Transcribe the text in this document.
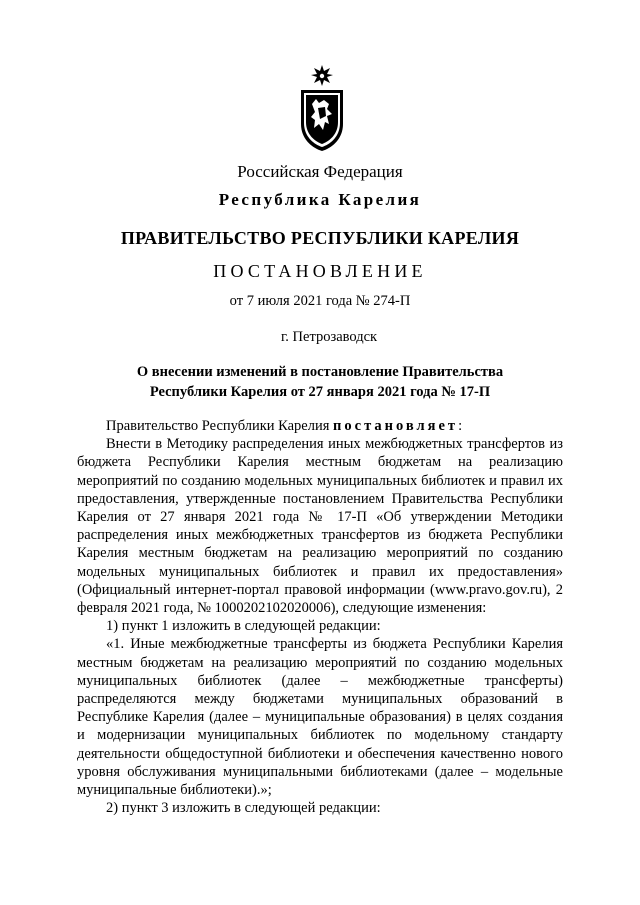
Российская Федерация
Республика Карелия
ПРАВИТЕЛЬСТВО РЕСПУБЛИКИ КАРЕЛИЯ
ПОСТАНОВЛЕНИЕ
от 7 июля 2021 года № 274-П
г. Петрозаводск
О внесении изменений в постановление Правительства
Республики Карелия от 27 января 2021 года № 17-П

Правительство Республики Карелия постановляет:

Внести в Методику распределения иных межбюджетных трансфертов из бюджета Республики Карелия местным бюджетам на реализацию мероприятий по созданию модельных муниципальных библиотек и правил их предоставления, утвержденные постановлением Правительства Республики Карелия от 27 января 2021 года № 17-П «Об утверждении Методики распределения иных межбюджетных трансфертов из бюджета Республики Карелия местным бюджетам на реализацию мероприятий по созданию модельных муниципальных библиотек и правил их предоставления» (Официальный интернет-портал правовой информации (www.pravo.gov.ru), 2 февраля 2021 года, № 1000202102020006), следующие изменения:

1) пункт 1 изложить в следующей редакции:

«1. Иные межбюджетные трансферты из бюджета Республики Карелия местным бюджетам на реализацию мероприятий по созданию модельных муниципальных библиотек (далее – межбюджетные трансферты) распределяются между бюджетами муниципальных образований в Республике Карелия (далее – муниципальные образования) в целях создания и модернизации муниципальных библиотек по модельному стандарту деятельности общедоступной библиотеки и обеспечения качественно нового уровня обслуживания муниципальными библиотеками (далее – модельные муниципальные библиотеки).»;

2) пункт 3 изложить в следующей редакции:
